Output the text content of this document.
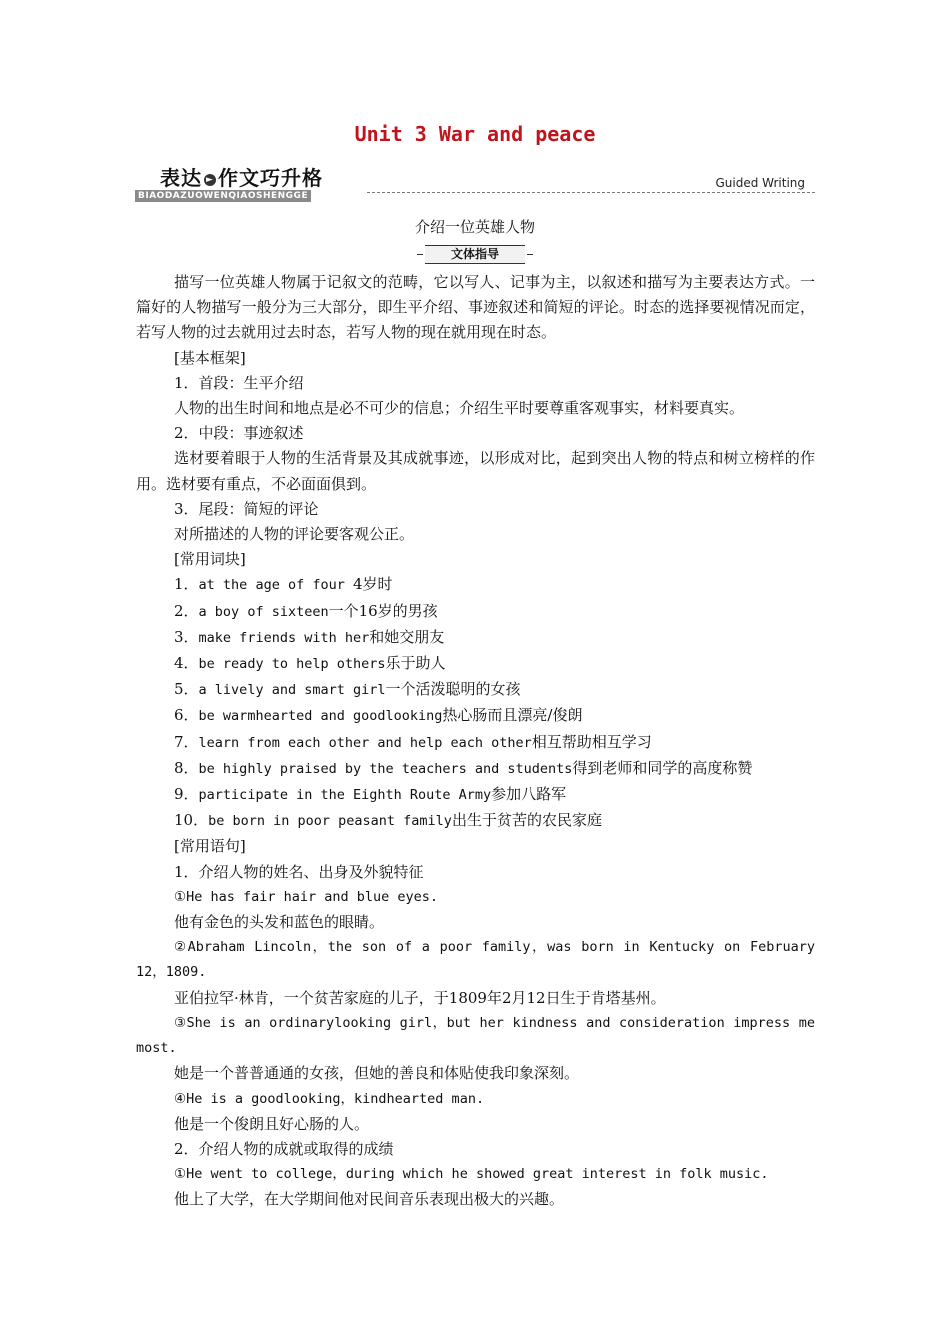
Unit 3 War and peace
表达 ► 作文巧升格
BIAODAZUOWENQIAOSHENGGE
Guided Writing
介绍一位英雄人物
文体指导

描写一位英雄人物属于记叙文的范畴，它以写人、记事为主，以叙述和描写为主要表达方式。一篇好的人物描写一般分为三大部分，即生平介绍、事迹叙述和简短的评论。时态的选择要视情况而定，若写人物的过去就用过去时态，若写人物的现在就用现在时态。

[基本框架]

1．首段：生平介绍

人物的出生时间和地点是必不可少的信息；介绍生平时要尊重客观事实，材料要真实。

2．中段：事迹叙述

选材要着眼于人物的生活背景及其成就事迹，以形成对比，起到突出人物的特点和树立榜样的作用。选材要有重点，不必面面俱到。

3．尾段：简短的评论

对所描述的人物的评论要客观公正。

[常用词块]

1．at the age of four 4岁时

2．a boy of sixteen一个16岁的男孩

3．make friends with her和她交朋友

4．be ready to help others乐于助人

5．a lively and smart girl一个活泼聪明的女孩

6．be warmhearted and goodlooking热心肠而且漂亮/俊朗

7．learn from each other and help each other相互帮助相互学习

8．be highly praised by the teachers and students得到老师和同学的高度称赞

9．participate in the Eighth Route Army参加八路军

10．be born in poor peasant family出生于贫苦的农民家庭

[常用语句]

1．介绍人物的姓名、出身及外貌特征

①He has fair hair and blue eyes.

他有金色的头发和蓝色的眼睛。

②Abraham Lincoln，the son of a poor family，was born in Kentucky on February 12，1809.

亚伯拉罕·林肯，一个贫苦家庭的儿子，于1809年2月12日生于肯塔基州。

③She is an ordinarylooking girl，but her kindness and consideration impress me most.

她是一个普普通通的女孩，但她的善良和体贴使我印象深刻。

④He is a goodlooking，kindhearted man.

他是一个俊朗且好心肠的人。

2．介绍人物的成就或取得的成绩

①He went to college，during which he showed great interest in folk music.

他上了大学，在大学期间他对民间音乐表现出极大的兴趣。
